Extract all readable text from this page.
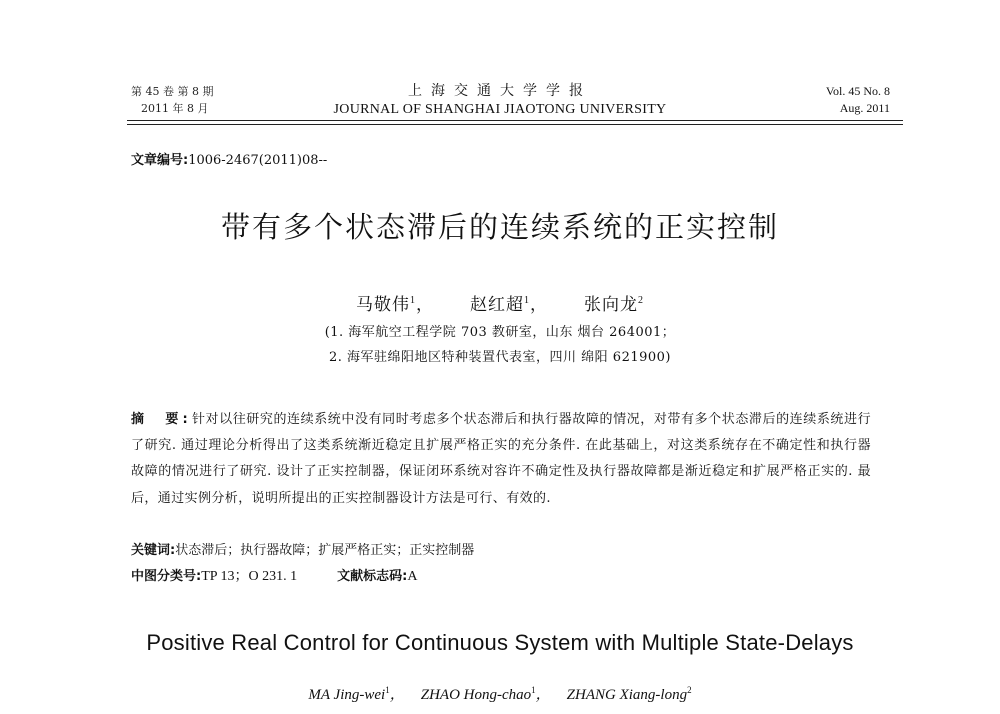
第 45 卷 第 8 期
2011 年 8 月
上海交通大学学报
JOURNAL OF SHANGHAI JIAOTONG UNIVERSITY
Vol. 45 No. 8
Aug. 2011
文章编号:1006-2467(2011)08--
带有多个状态滞后的连续系统的正实控制
马敬伟$^1$， 赵红超$^1$， 张向龙$^2$
(1. 海军航空工程学院 703 教研室，山东 烟台 264001；
2. 海军驻绵阳地区特种装置代表室，四川 绵阳 621900)
摘　要:针对以往研究的连续系统中没有同时考虑多个状态滞后和执行器故障的情况，对带有多个状态滞后的连续系统进行了研究. 通过理论分析得出了这类系统渐近稳定且扩展严格正实的充分条件. 在此基础上，对这类系统存在不确定性和执行器故障的情况进行了研究. 设计了正实控制器，保证闭环系统对容许不确定性及执行器故障都是渐近稳定和扩展严格正实的. 最后，通过实例分析，说明所提出的正实控制器设计方法是可行、有效的.
关键词:状态滞后；执行器故障；扩展严格正实；正实控制器
中图分类号:TP 13；O 231. 1	文献标志码:A
Positive Real Control for Continuous System with Multiple State-Delays
MA Jing-wei$^1$， ZHAO Hong-chao$^1$， ZHANG Xiang-long$^2$
